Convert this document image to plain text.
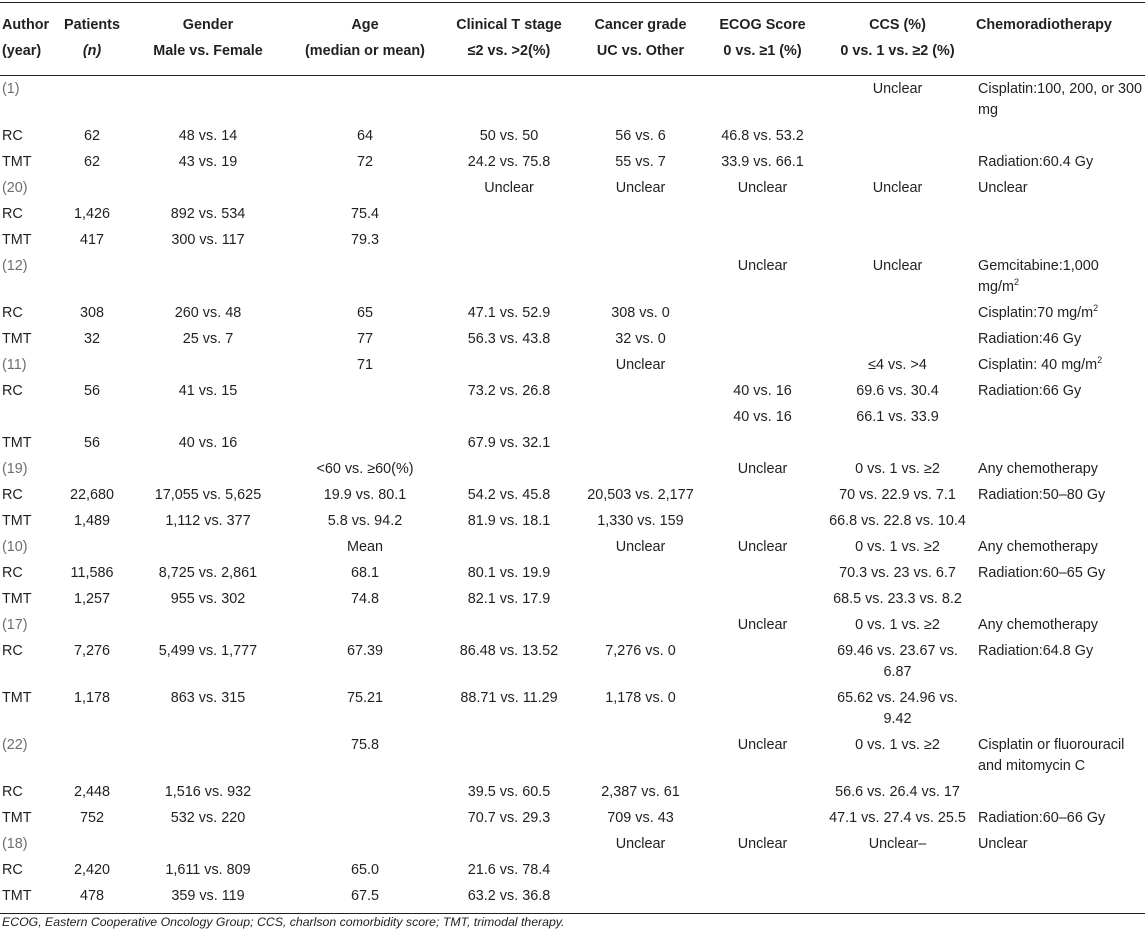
Author	Patients	Gender	Age	Clinical T stage	Cancer grade	ECOG Score	CCS (%)	Chemoradiotherapy
(year)	(n)	Male vs. Female	(median or mean)	≤2 vs. >2(%)	UC vs. Other	0 vs. ≥1 (%)	0 vs. 1 vs. ≥2 (%)	
(1)							Unclear	Cisplatin:100, 200, or 300 mg
RC	62	48 vs. 14	64	50 vs. 50	56 vs. 6	46.8 vs. 53.2		
TMT	62	43 vs. 19	72	24.2 vs. 75.8	55 vs. 7	33.9 vs. 66.1		Radiation:60.4 Gy
(20)				Unclear	Unclear	Unclear	Unclear	Unclear
RC	1,426	892 vs. 534	75.4					
TMT	417	300 vs. 117	79.3					
(12)						Unclear	Unclear	Gemcitabine:1,000 $mg/m^2$
RC	308	260 vs. 48	65	47.1 vs. 52.9	308 vs. 0			Cisplatin:70 $mg/m^2$
TMT	32	25 vs. 7	77	56.3 vs. 43.8	32 vs. 0			Radiation:46 Gy
(11)			71		Unclear		≤4 vs. >4	Cisplatin: 40 $mg/m^2$
RC	56	41 vs. 15		73.2 vs. 26.8		40 vs. 16	69.6 vs. 30.4	Radiation:66 Gy
						40 vs. 16	66.1 vs. 33.9	
TMT	56	40 vs. 16		67.9 vs. 32.1				
(19)			<60 vs. ≥60(%)			Unclear	0 vs. 1 vs. ≥2	Any chemotherapy
RC	22,680	17,055 vs. 5,625	19.9 vs. 80.1	54.2 vs. 45.8	20,503 vs. 2,177		70 vs. 22.9 vs. 7.1	Radiation:50–80 Gy
TMT	1,489	1,112 vs. 377	5.8 vs. 94.2	81.9 vs. 18.1	1,330 vs. 159		66.8 vs. 22.8 vs. 10.4	
(10)			Mean		Unclear	Unclear	0 vs. 1 vs. ≥2	Any chemotherapy
RC	11,586	8,725 vs. 2,861	68.1	80.1 vs. 19.9			70.3 vs. 23 vs. 6.7	Radiation:60–65 Gy
TMT	1,257	955 vs. 302	74.8	82.1 vs. 17.9			68.5 vs. 23.3 vs. 8.2	
(17)						Unclear	0 vs. 1 vs. ≥2	Any chemotherapy
RC	7,276	5,499 vs. 1,777	67.39	86.48 vs. 13.52	7,276 vs. 0		69.46 vs. 23.67 vs. 6.87	Radiation:64.8 Gy
TMT	1,178	863 vs. 315	75.21	88.71 vs. 11.29	1,178 vs. 0		65.62 vs. 24.96 vs. 9.42	
(22)			75.8			Unclear	0 vs. 1 vs. ≥2	Cisplatin or fluorouracil and mitomycin C
RC	2,448	1,516 vs. 932		39.5 vs. 60.5	2,387 vs. 61		56.6 vs. 26.4 vs. 17	
TMT	752	532 vs. 220		70.7 vs. 29.3	709 vs. 43		47.1 vs. 27.4 vs. 25.5	Radiation:60–66 Gy
(18)					Unclear	Unclear	Unclear–	Unclear
RC	2,420	1,611 vs. 809	65.0	21.6 vs. 78.4				
TMT	478	359 vs. 119	67.5	63.2 vs. 36.8				
ECOG, Eastern Cooperative Oncology Group; CCS, charlson comorbidity score; TMT, trimodal therapy.
